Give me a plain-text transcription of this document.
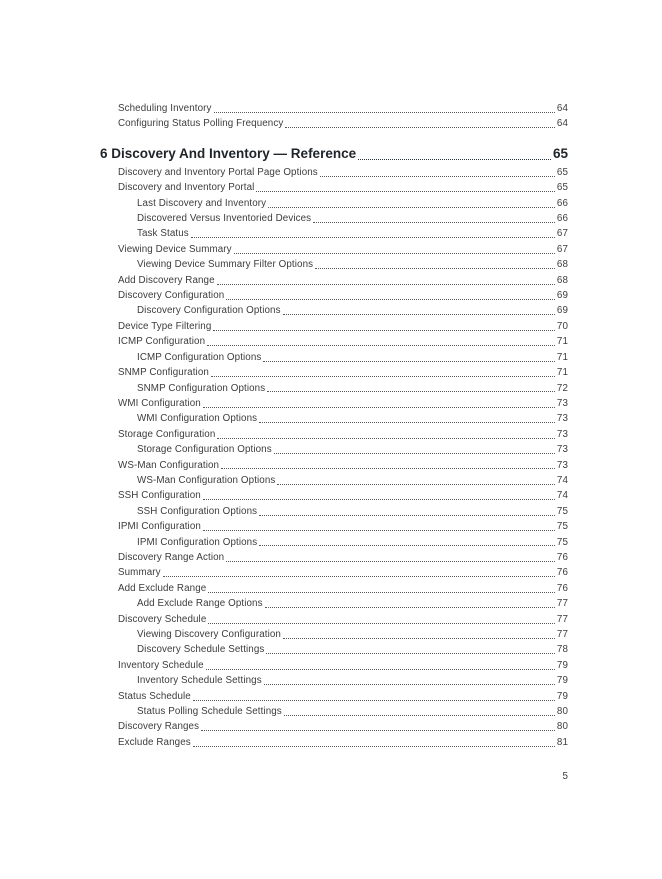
Scheduling Inventory	64
Configuring Status Polling Frequency	64
6 Discovery And Inventory — Reference	65
Discovery and Inventory Portal Page Options	65
Discovery and Inventory Portal	65
Last Discovery and Inventory	66
Discovered Versus Inventoried Devices	66
Task Status	67
Viewing Device Summary	67
Viewing Device Summary Filter Options	68
Add Discovery Range	68
Discovery Configuration	69
Discovery Configuration Options	69
Device Type Filtering	70
ICMP Configuration	71
ICMP Configuration Options	71
SNMP Configuration	71
SNMP Configuration Options	72
WMI Configuration	73
WMI Configuration Options	73
Storage Configuration	73
Storage Configuration Options	73
WS-Man Configuration	73
WS-Man Configuration Options	74
SSH Configuration	74
SSH Configuration Options	75
IPMI Configuration	75
IPMI Configuration Options	75
Discovery Range Action	76
Summary	76
Add Exclude Range	76
Add Exclude Range Options	77
Discovery Schedule	77
Viewing Discovery Configuration	77
Discovery Schedule Settings	78
Inventory Schedule	79
Inventory Schedule Settings	79
Status Schedule	79
Status Polling Schedule Settings	80
Discovery Ranges	80
Exclude Ranges	81
5
